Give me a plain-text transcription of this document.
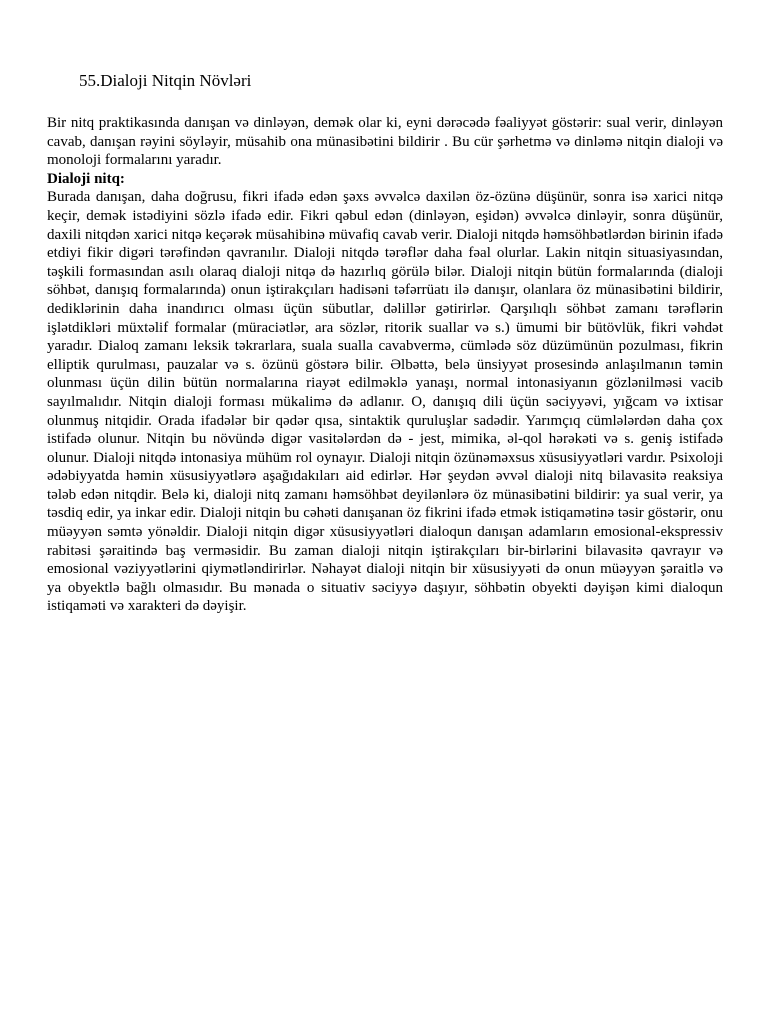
55.Dialoji Nitqin Növləri

Bir nitq praktikasında danışan və dinləyən, demək olar ki, eyni dərəcədə fəaliyyət göstərir: sual verir, dinləyən cavab, danışan rəyini söyləyir, müsahib ona münasibətini bildirir . Bu cür şərhetmə və dinləmə nitqin dialoji və monoloji formalarını yaradır.

Dialoji nitq:

Burada danışan, daha doğrusu, fikri ifadə edən şəxs əvvəlcə daxilən öz-özünə düşünür, sonra isə xarici nitqə keçir, demək istədiyini sözlə ifadə edir. Fikri qəbul edən (dinləyən, eşidən) əvvəlcə dinləyir, sonra düşünür, daxili nitqdən xarici nitqə keçərək müsahibinə müvafiq cavab verir. Dialoji nitqdə həmsöhbətlərdən birinin ifadə etdiyi fikir digəri tərəfindən qavranılır. Dialoji nitqdə tərəflər daha fəal olurlar. Lakin nitqin situasiyasından, təşkili formasından asılı olaraq dialoji nitqə də hazırlıq görülə bilər. Dialoji nitqin bütün formalarında (dialoji söhbət, danışıq formalarında) onun iştirakçıları hadisəni təfərrüatı ilə danışır, olanlara öz münasibətini bildirir, dediklərinin daha inandırıcı olması üçün sübutlar, dəlillər gətirirlər. Qarşılıqlı söhbət zamanı tərəflərin işlətdikləri müxtəlif formalar (müraciətlər, ara sözlər, ritorik suallar və s.) ümumi bir bütövlük, fikri vəhdət yaradır. Dialoq zamanı leksik təkrarlara, suala sualla cavabvermə, cümlədə söz düzümünün pozulması, fikrin elliptik qurulması, pauzalar və s. özünü göstərə bilir. Əlbəttə, belə ünsiyyət prosesində anlaşılmanın təmin olunması üçün dilin bütün normalarına riayət edilməklə yanaşı, normal intonasiyanın gözlənilməsi vacib sayılmalıdır. Nitqin dialoji forması mükalimə də adlanır. O, danışıq dili üçün səciyyəvi, yığcam və ixtisar olunmuş nitqidir. Orada ifadələr bir qədər qısa, sintaktik quruluşlar sadədir. Yarımçıq cümlələrdən daha çox istifadə olunur. Nitqin bu növündə digər vasitələrdən də - jest, mimika, əl-qol hərəkəti və s. geniş istifadə olunur. Dialoji nitqdə intonasiya mühüm rol oynayır. Dialoji nitqin özünəməxsus xüsusiyyətləri vardır. Psixoloji ədəbiyyatda həmin xüsusiyyətlərə aşağıdakıları aid edirlər. Hər şeydən əvvəl dialoji nitq bilavasitə reaksiya tələb edən nitqdir. Belə ki, dialoji nitq zamanı həmsöhbət deyilənlərə öz münasibətini bildirir: ya sual verir, ya təsdiq edir, ya inkar edir. Dialoji nitqin bu cəhəti danışanan öz fikrini ifadə etmək istiqamətinə təsir göstərir, onu müəyyən səmtə yönəldir. Dialoji nitqin digər xüsusiyyətləri dialoqun danışan adamların emosional-ekspressiv rabitəsi şəraitində baş verməsidir. Bu zaman dialoji nitqin iştirakçıları bir-birlərini bilavasitə qavrayır və emosional vəziyyətlərini qiymətləndirirlər. Nəhayət dialoji nitqin bir xüsusiyyəti də onun müəyyən şəraitlə və ya obyektlə bağlı olmasıdır. Bu mənada o situativ səciyyə daşıyır, söhbətin obyekti dəyişən kimi dialoqun istiqaməti və xarakteri də dəyişir.
